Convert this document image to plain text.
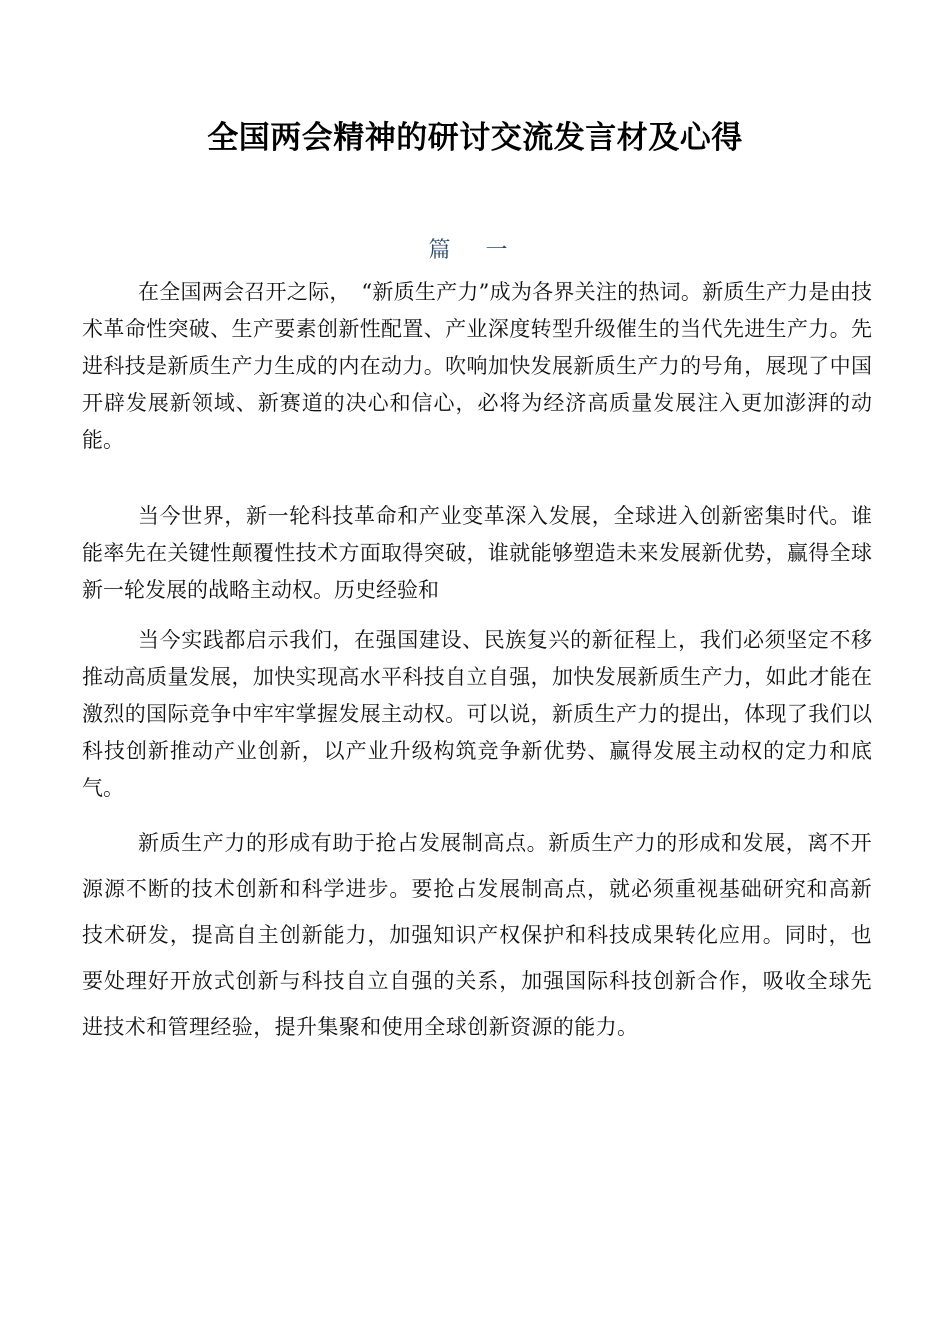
全国两会精神的研讨交流发言材及心得
篇 一

在全国两会召开之际，　“新质生产力”成为各界关注的热词。新质生产力是由技术革命性突破、生产要素创新性配置、产业深度转型升级催生的当代先进生产力。先进科技是新质生产力生成的内在动力。吹响加快发展新质生产力的号角，展现了中国开辟发展新领域、新赛道的决心和信心，必将为经济高质量发展注入更加澎湃的动能。

当今世界，新一轮科技革命和产业变革深入发展，全球进入创新密集时代。谁能率先在关键性颠覆性技术方面取得突破，谁就能够塑造未来发展新优势，赢得全球新一轮发展的战略主动权。历史经验和

当今实践都启示我们，在强国建设、民族复兴的新征程上，我们必须坚定不移推动高质量发展，加快实现高水平科技自立自强，加快发展新质生产力，如此才能在激烈的国际竞争中牢牢掌握发展主动权。可以说，新质生产力的提出，体现了我们以科技创新推动产业创新，以产业升级构筑竞争新优势、赢得发展主动权的定力和底气。

新质生产力的形成有助于抢占发展制高点。新质生产力的形成和发展，离不开源源不断的技术创新和科学进步。要抢占发展制高点，就必须重视基础研究和高新技术研发，提高自主创新能力，加强知识产权保护和科技成果转化应用。同时，也要处理好开放式创新与科技自立自强的关系，加强国际科技创新合作，吸收全球先进技术和管理经验，提升集聚和使用全球创新资源的能力。
